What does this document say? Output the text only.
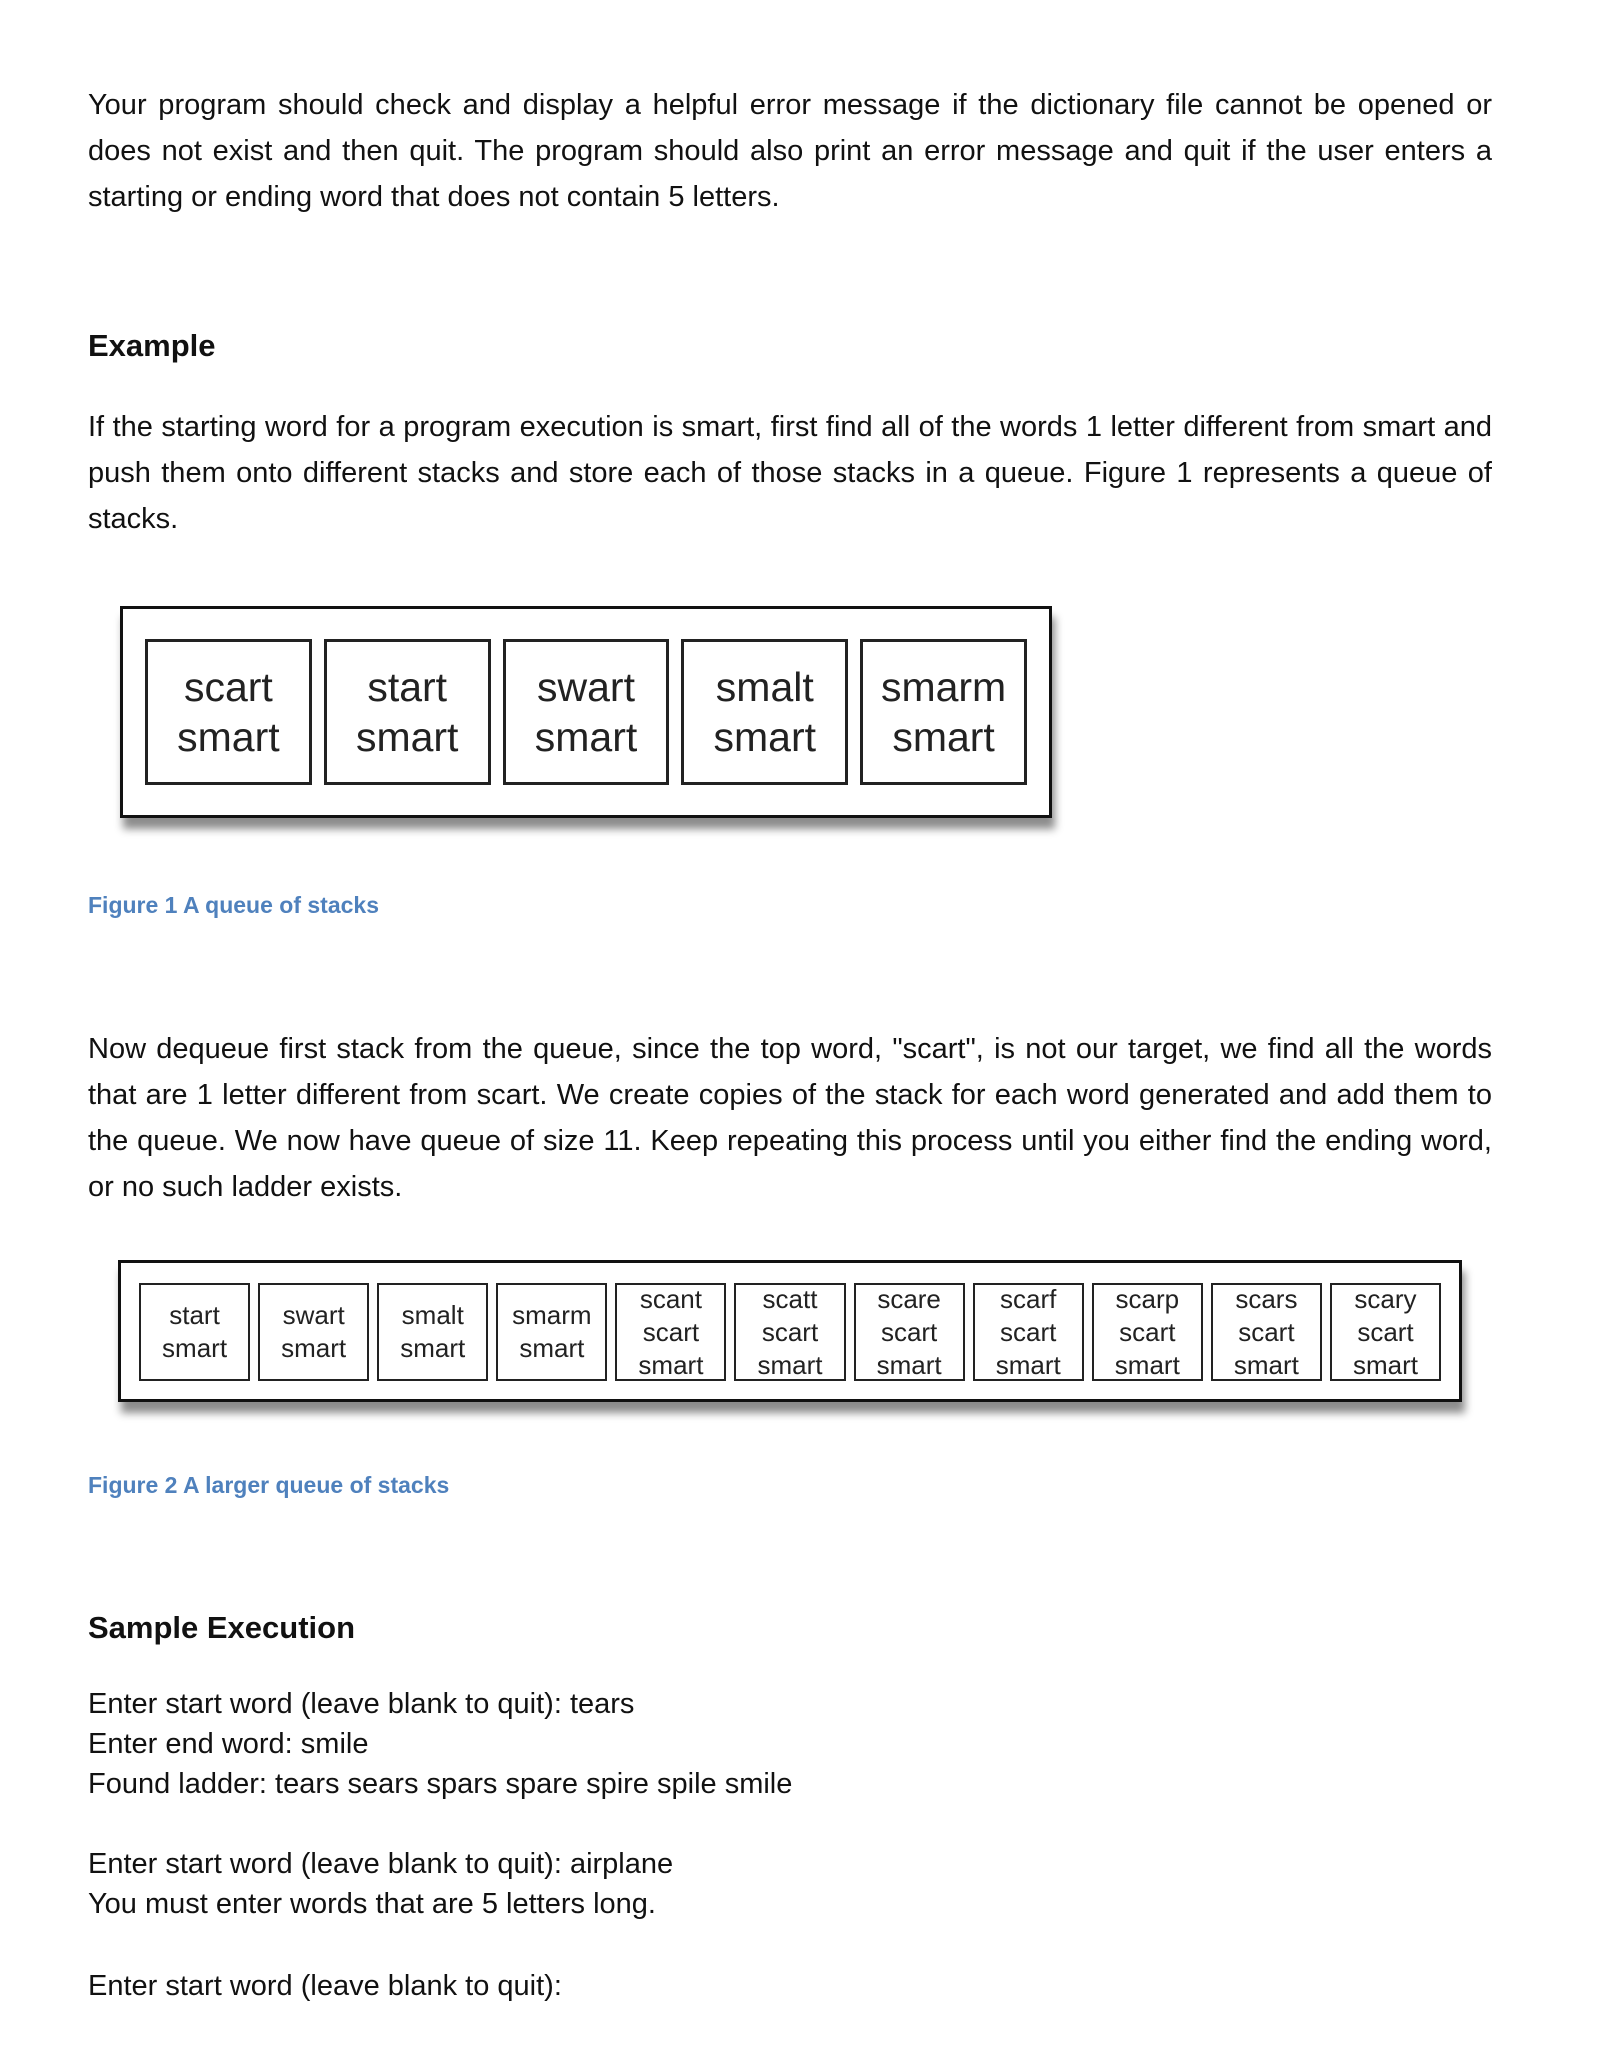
Your program should check and display a helpful error message if the dictionary file cannot be opened or does not exist and then quit. The program should also print an error message and quit if the user enters a starting or ending word that does not contain 5 letters.

Example

If the starting word for a program execution is smart, first find all of the words 1 letter different from smart and push them onto different stacks and store each of those stacks in a queue. Figure 1 represents a queue of stacks.

scart
smart
start
smart
swart
smart
smalt
smart
smarm
smart

Figure 1 A queue of stacks

Now dequeue first stack from the queue, since the top word, "scart", is not our target, we find all the words that are 1 letter different from scart. We create copies of the stack for each word generated and add them to the queue. We now have queue of size 11. Keep repeating this process until you either find the ending word, or no such ladder exists.

start
smart
swart
smart
smalt
smart
smarm
smart
scant
scart
smart
scatt
scart
smart
scare
scart
smart
scarf
scart
smart
scarp
scart
smart
scars
scart
smart
scary
scart
smart

Figure 2 A larger queue of stacks

Sample Execution

Enter start word (leave blank to quit): tears

Enter end word: smile

Found ladder: tears sears spars spare spire spile smile

Enter start word (leave blank to quit): airplane

You must enter words that are 5 letters long.

Enter start word (leave blank to quit):
